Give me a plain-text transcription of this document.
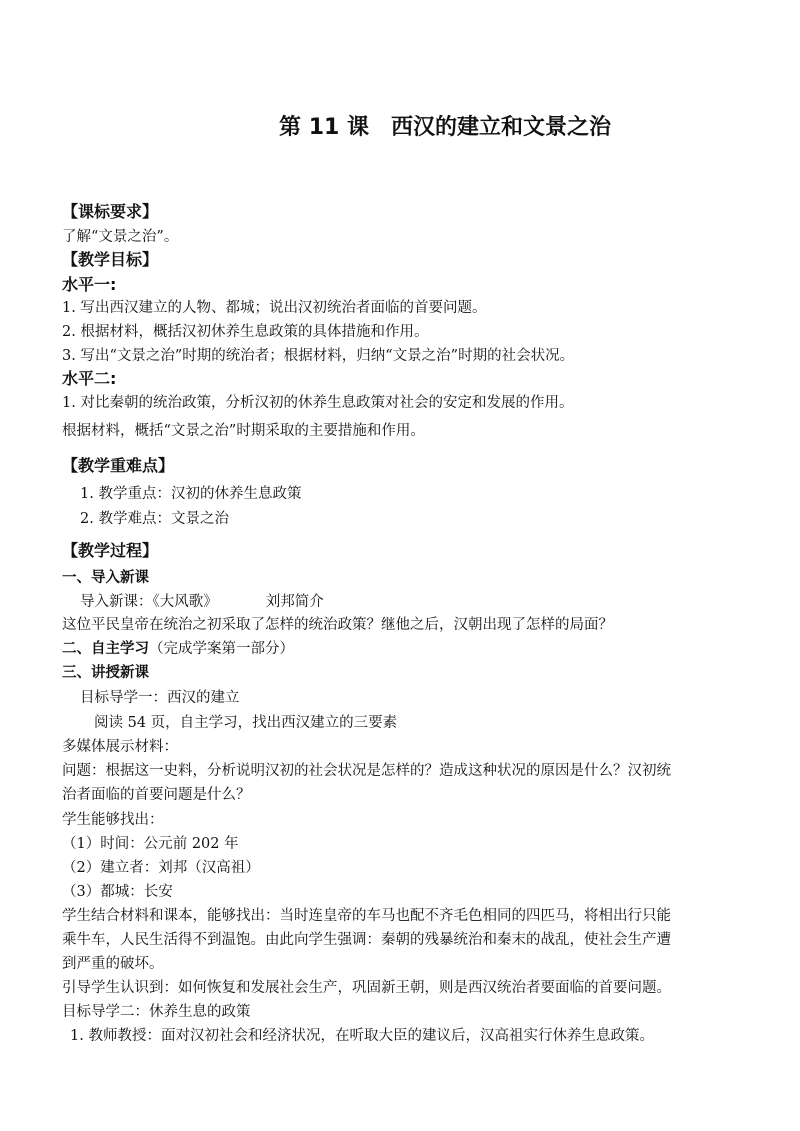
第 11 课　西汉的建立和文景之治
【课标要求】
了解“文景之治”。
【教学目标】
水平一:
1. 写出西汉建立的人物、都城；说出汉初统治者面临的首要问题。
2. 根据材料，概括汉初休养生息政策的具体措施和作用。
3. 写出“文景之治”时期的统治者；根据材料，归纳“文景之治”时期的社会状况。
水平二:
1. 对比秦朝的统治政策，分析汉初的休养生息政策对社会的安定和发展的作用。
根据材料，概括“文景之治”时期采取的主要措施和作用。
【教学重难点】
1. 教学重点：汉初的休养生息政策
2. 教学难点：文景之治
【教学过程】
一、导入新课
导入新课：《大风歌》	刘邦简介
这位平民皇帝在统治之初采取了怎样的统治政策？继他之后，汉朝出现了怎样的局面？
二、自主学习（完成学案第一部分）
三、讲授新课
目标导学一：西汉的建立
阅读 54 页，自主学习，找出西汉建立的三要素
多媒体展示材料：
问题：根据这一史料，分析说明汉初的社会状况是怎样的？造成这种状况的原因是什么？汉初统
治者面临的首要问题是什么？
学生能够找出：
（1）时间：公元前 202 年
（2）建立者：刘邦（汉高祖）
（3）都城：长安
学生结合材料和课本，能够找出：当时连皇帝的车马也配不齐毛色相同的四匹马，将相出行只能
乘牛车，人民生活得不到温饱。由此向学生强调：秦朝的残暴统治和秦末的战乱，使社会生产遭
到严重的破坏。
引导学生认识到：如何恢复和发展社会生产，巩固新王朝，则是西汉统治者要面临的首要问题。
目标导学二：休养生息的政策
1. 教师教授：面对汉初社会和经济状况，在听取大臣的建议后，汉高祖实行休养生息政策。
